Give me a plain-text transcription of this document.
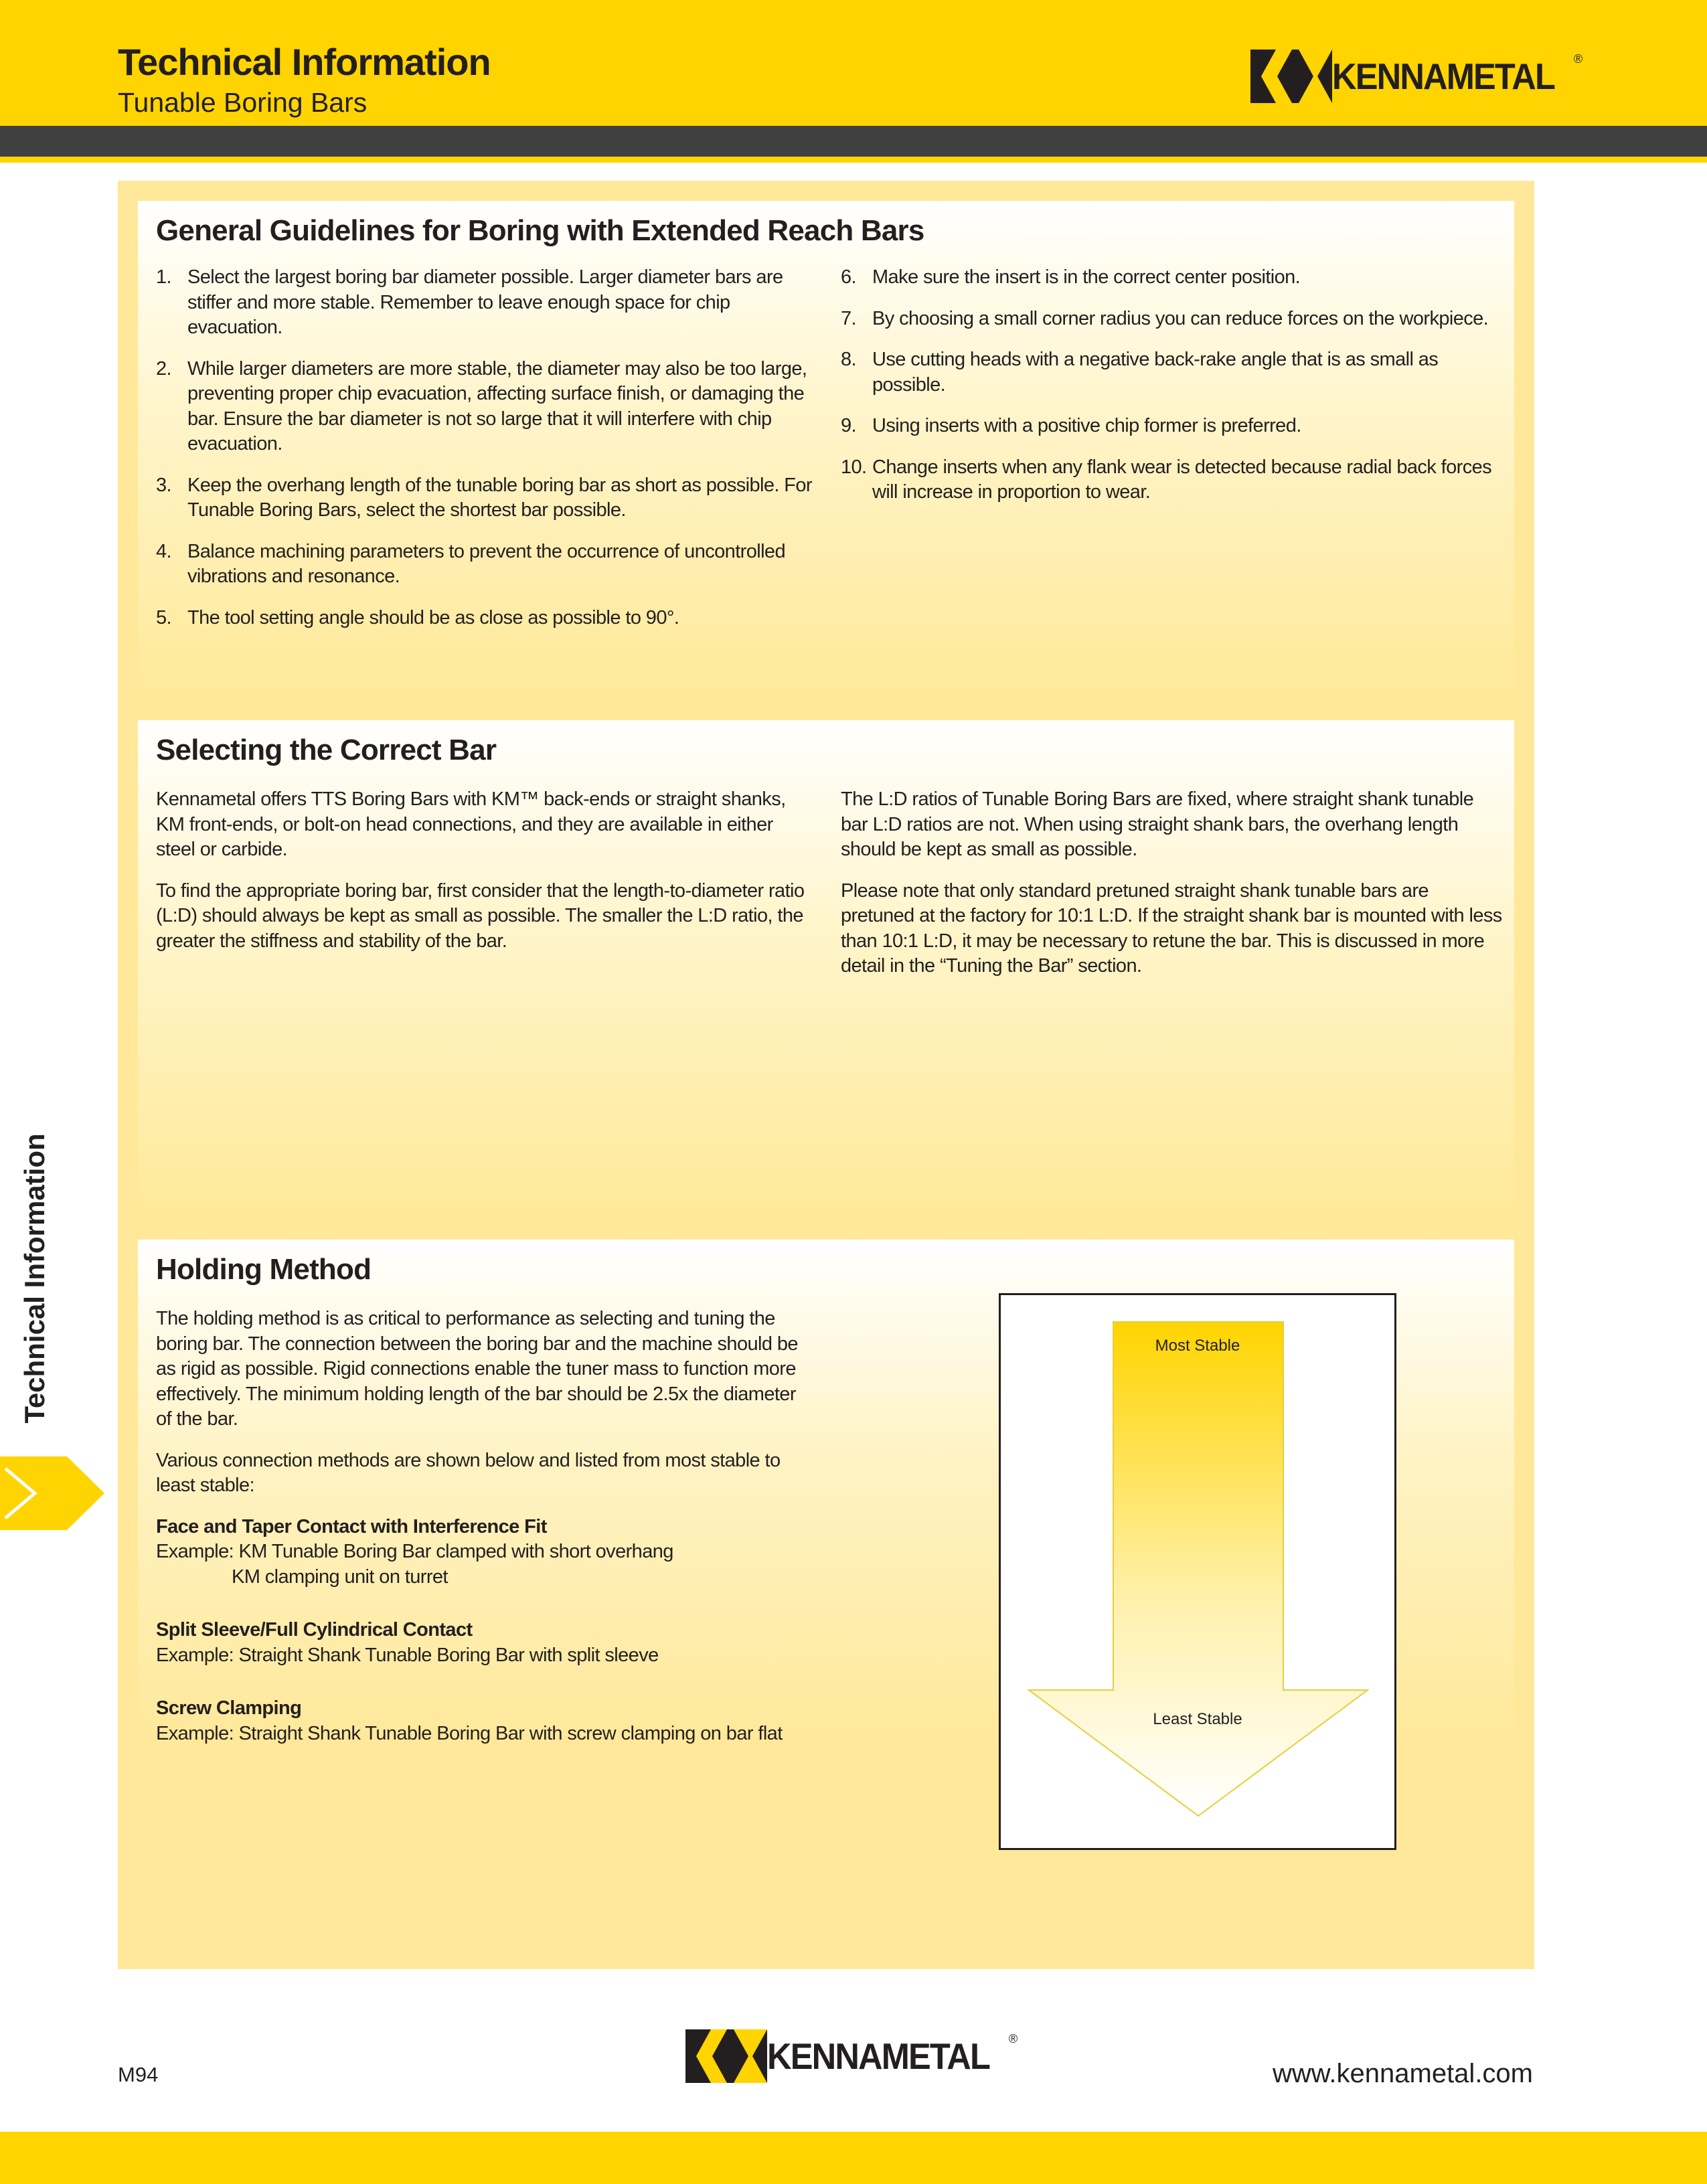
Technical Information

Tunable Boring Bars

KENNAMETAL ®
Technical Information
General Guidelines for Boring with Extended Reach Bars
1. Select the largest boring bar diameter possible. Larger diameter bars are stiffer and more stable. Remember to leave enough space for chip evacuation.
2. While larger diameters are more stable, the diameter may also be too large, preventing proper chip evacuation, affecting surface finish, or damaging the bar. Ensure the bar diameter is not so large that it will interfere with chip evacuation.
3. Keep the overhang length of the tunable boring bar as short as possible. For Tunable Boring Bars, select the shortest bar possible.
4. Balance machining parameters to prevent the occurrence of uncontrolled vibrations and resonance.
5. The tool setting angle should be as close as possible to 90°.
6. Make sure the insert is in the correct center position.
7. By choosing a small corner radius you can reduce forces on the workpiece.
8. Use cutting heads with a negative back-rake angle that is as small as possible.
9. Using inserts with a positive chip former is preferred.
10. Change inserts when any flank wear is detected because radial back forces will increase in proportion to wear.
Selecting the Correct Bar

Kennametal offers TTS Boring Bars with KM™ back-ends or straight shanks, KM front-ends, or bolt-on head connections, and they are available in either steel or carbide.

To find the appropriate boring bar, first consider that the length-to-diameter ratio (L:D) should always be kept as small as possible. The smaller the L:D ratio, the greater the stiffness and stability of the bar.

The L:D ratios of Tunable Boring Bars are fixed, where straight shank tunable bar L:D ratios are not. When using straight shank bars, the overhang length should be kept as small as possible.

Please note that only standard pretuned straight shank tunable bars are pretuned at the factory for 10:1 L:D. If the straight shank bar is mounted with less than 10:1 L:D, it may be necessary to retune the bar. This is discussed in more detail in the “Tuning the Bar” section.

Holding Method

The holding method is as critical to performance as selecting and tuning the boring bar. The connection between the boring bar and the machine should be as rigid as possible. Rigid connections enable the tuner mass to function more effectively. The minimum holding length of the bar should be 2.5x the diameter of the bar.

Various connection methods are shown below and listed from most stable to least stable:

Face and Taper Contact with Interference Fit
Example: KM Tunable Boring Bar clamped with short overhang
KM clamping unit on turret
Split Sleeve/Full Cylindrical Contact
Example: Straight Shank Tunable Boring Bar with split sleeve
Screw Clamping
Example: Straight Shank Tunable Boring Bar with screw clamping on bar flat
Most Stable
Least Stable

M94	KENNAMETAL ®

www.kennametal.com
